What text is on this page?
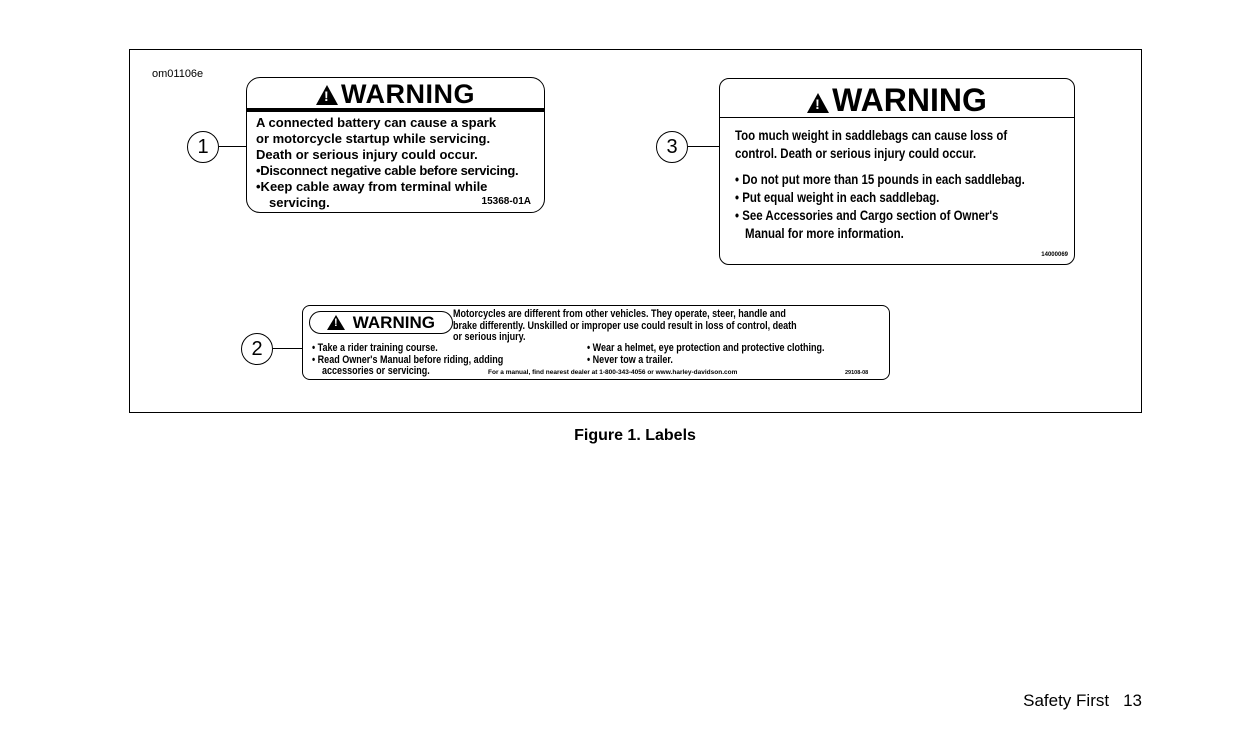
om01106e
1
!WARNING
A connected battery can cause a spark
or motorcycle startup while servicing.
Death or serious injury could occur.
•Disconnect negative cable before servicing.
•Keep cable away from terminal while
servicing.	15368-01A
3
!WARNING
Too much weight in saddlebags can cause loss of
control. Death or serious injury could occur.
• Do not put more than 15 pounds in each saddlebag.
• Put equal weight in each saddlebag.
• See Accessories and Cargo section of Owner's
Manual for more information.
14000069
2
! WARNING	Motorcycles are different from other vehicles. They operate, steer, handle and
brake differently. Unskilled or improper use could result in loss of control, death
or serious injury.
• Take a rider training course.
• Read Owner's Manual before riding, adding
accessories or servicing.
• Wear a helmet, eye protection and protective clothing.
• Never tow a trailer.
For a manual, find nearest dealer at 1-800-343-4056 or www.harley-davidson.com	29108-08
Figure 1. Labels
Safety First 13
